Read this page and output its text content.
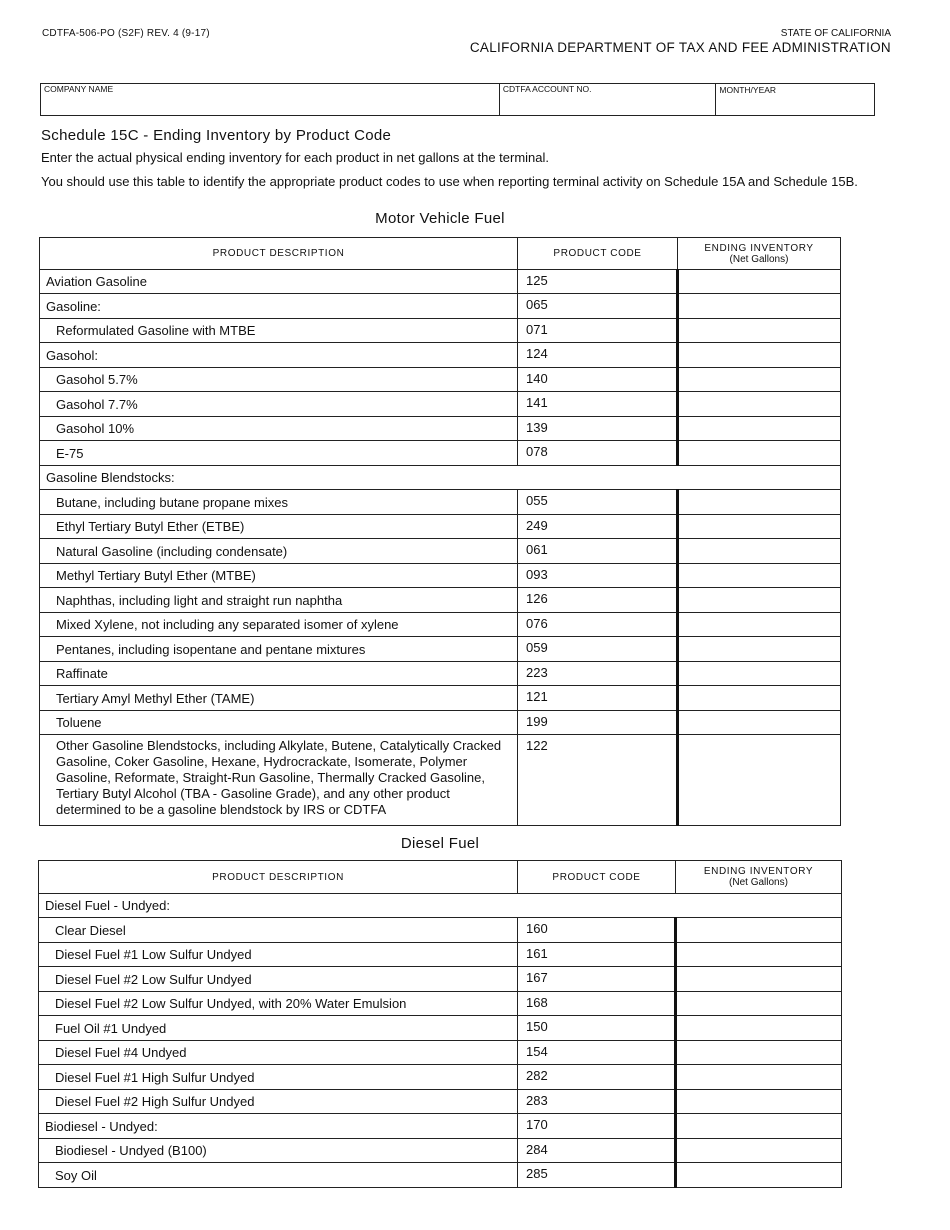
CDTFA-506-PO (S2F) REV. 4 (9-17)	STATE OF CALIFORNIA
CALIFORNIA DEPARTMENT OF TAX AND FEE ADMINISTRATION
COMPANY NAME	CDTFA ACCOUNT NO.	MONTH/YEAR
Schedule 15C - Ending Inventory by Product Code
Enter the actual physical ending inventory for each product in net gallons at the terminal.
You should use this table to identify the appropriate product codes to use when reporting terminal activity on Schedule 15A and Schedule 15B.
Motor Vehicle Fuel
PRODUCT DESCRIPTION	PRODUCT CODE	ENDING INVENTORY
(Net Gallons)

Aviation Gasoline	125	
Gasoline:	065	
Reformulated Gasoline with MTBE	071	
Gasohol:	124	
Gasohol 5.7%	140	
Gasohol 7.7%	141	
Gasohol 10%	139	
E-75	078	
Gasoline Blendstocks:		
Butane, including butane propane mixes	055	
Ethyl Tertiary Butyl Ether (ETBE)	249	
Natural Gasoline (including condensate)	061	
Methyl Tertiary Butyl Ether (MTBE)	093	
Naphthas, including light and straight run naphtha	126	
Mixed Xylene, not including any separated isomer of xylene	076	
Pentanes, including isopentane and pentane mixtures	059	
Raffinate	223	
Tertiary Amyl Methyl Ether (TAME)	121	
Toluene	199	
Other Gasoline Blendstocks, including Alkylate, Butene, Catalytically Cracked Gasoline, Coker Gasoline, Hexane, Hydrocrackate, Isomerate, Polymer Gasoline, Reformate, Straight-Run Gasoline, Thermally Cracked Gasoline, Tertiary Butyl Alcohol (TBA - Gasoline Grade), and any other product determined to be a gasoline blendstock by IRS or CDTFA	122	
Diesel Fuel
PRODUCT DESCRIPTION	PRODUCT CODE	ENDING INVENTORY
(Net Gallons)

Diesel Fuel - Undyed:		
Clear Diesel	160	
Diesel Fuel #1 Low Sulfur Undyed	161	
Diesel Fuel #2 Low Sulfur Undyed	167	
Diesel Fuel #2 Low Sulfur Undyed, with 20% Water Emulsion	168	
Fuel Oil #1 Undyed	150	
Diesel Fuel #4 Undyed	154	
Diesel Fuel #1 High Sulfur Undyed	282	
Diesel Fuel #2 High Sulfur Undyed	283	
Biodiesel - Undyed:	170	
Biodiesel - Undyed (B100)	284	
Soy Oil	285	
